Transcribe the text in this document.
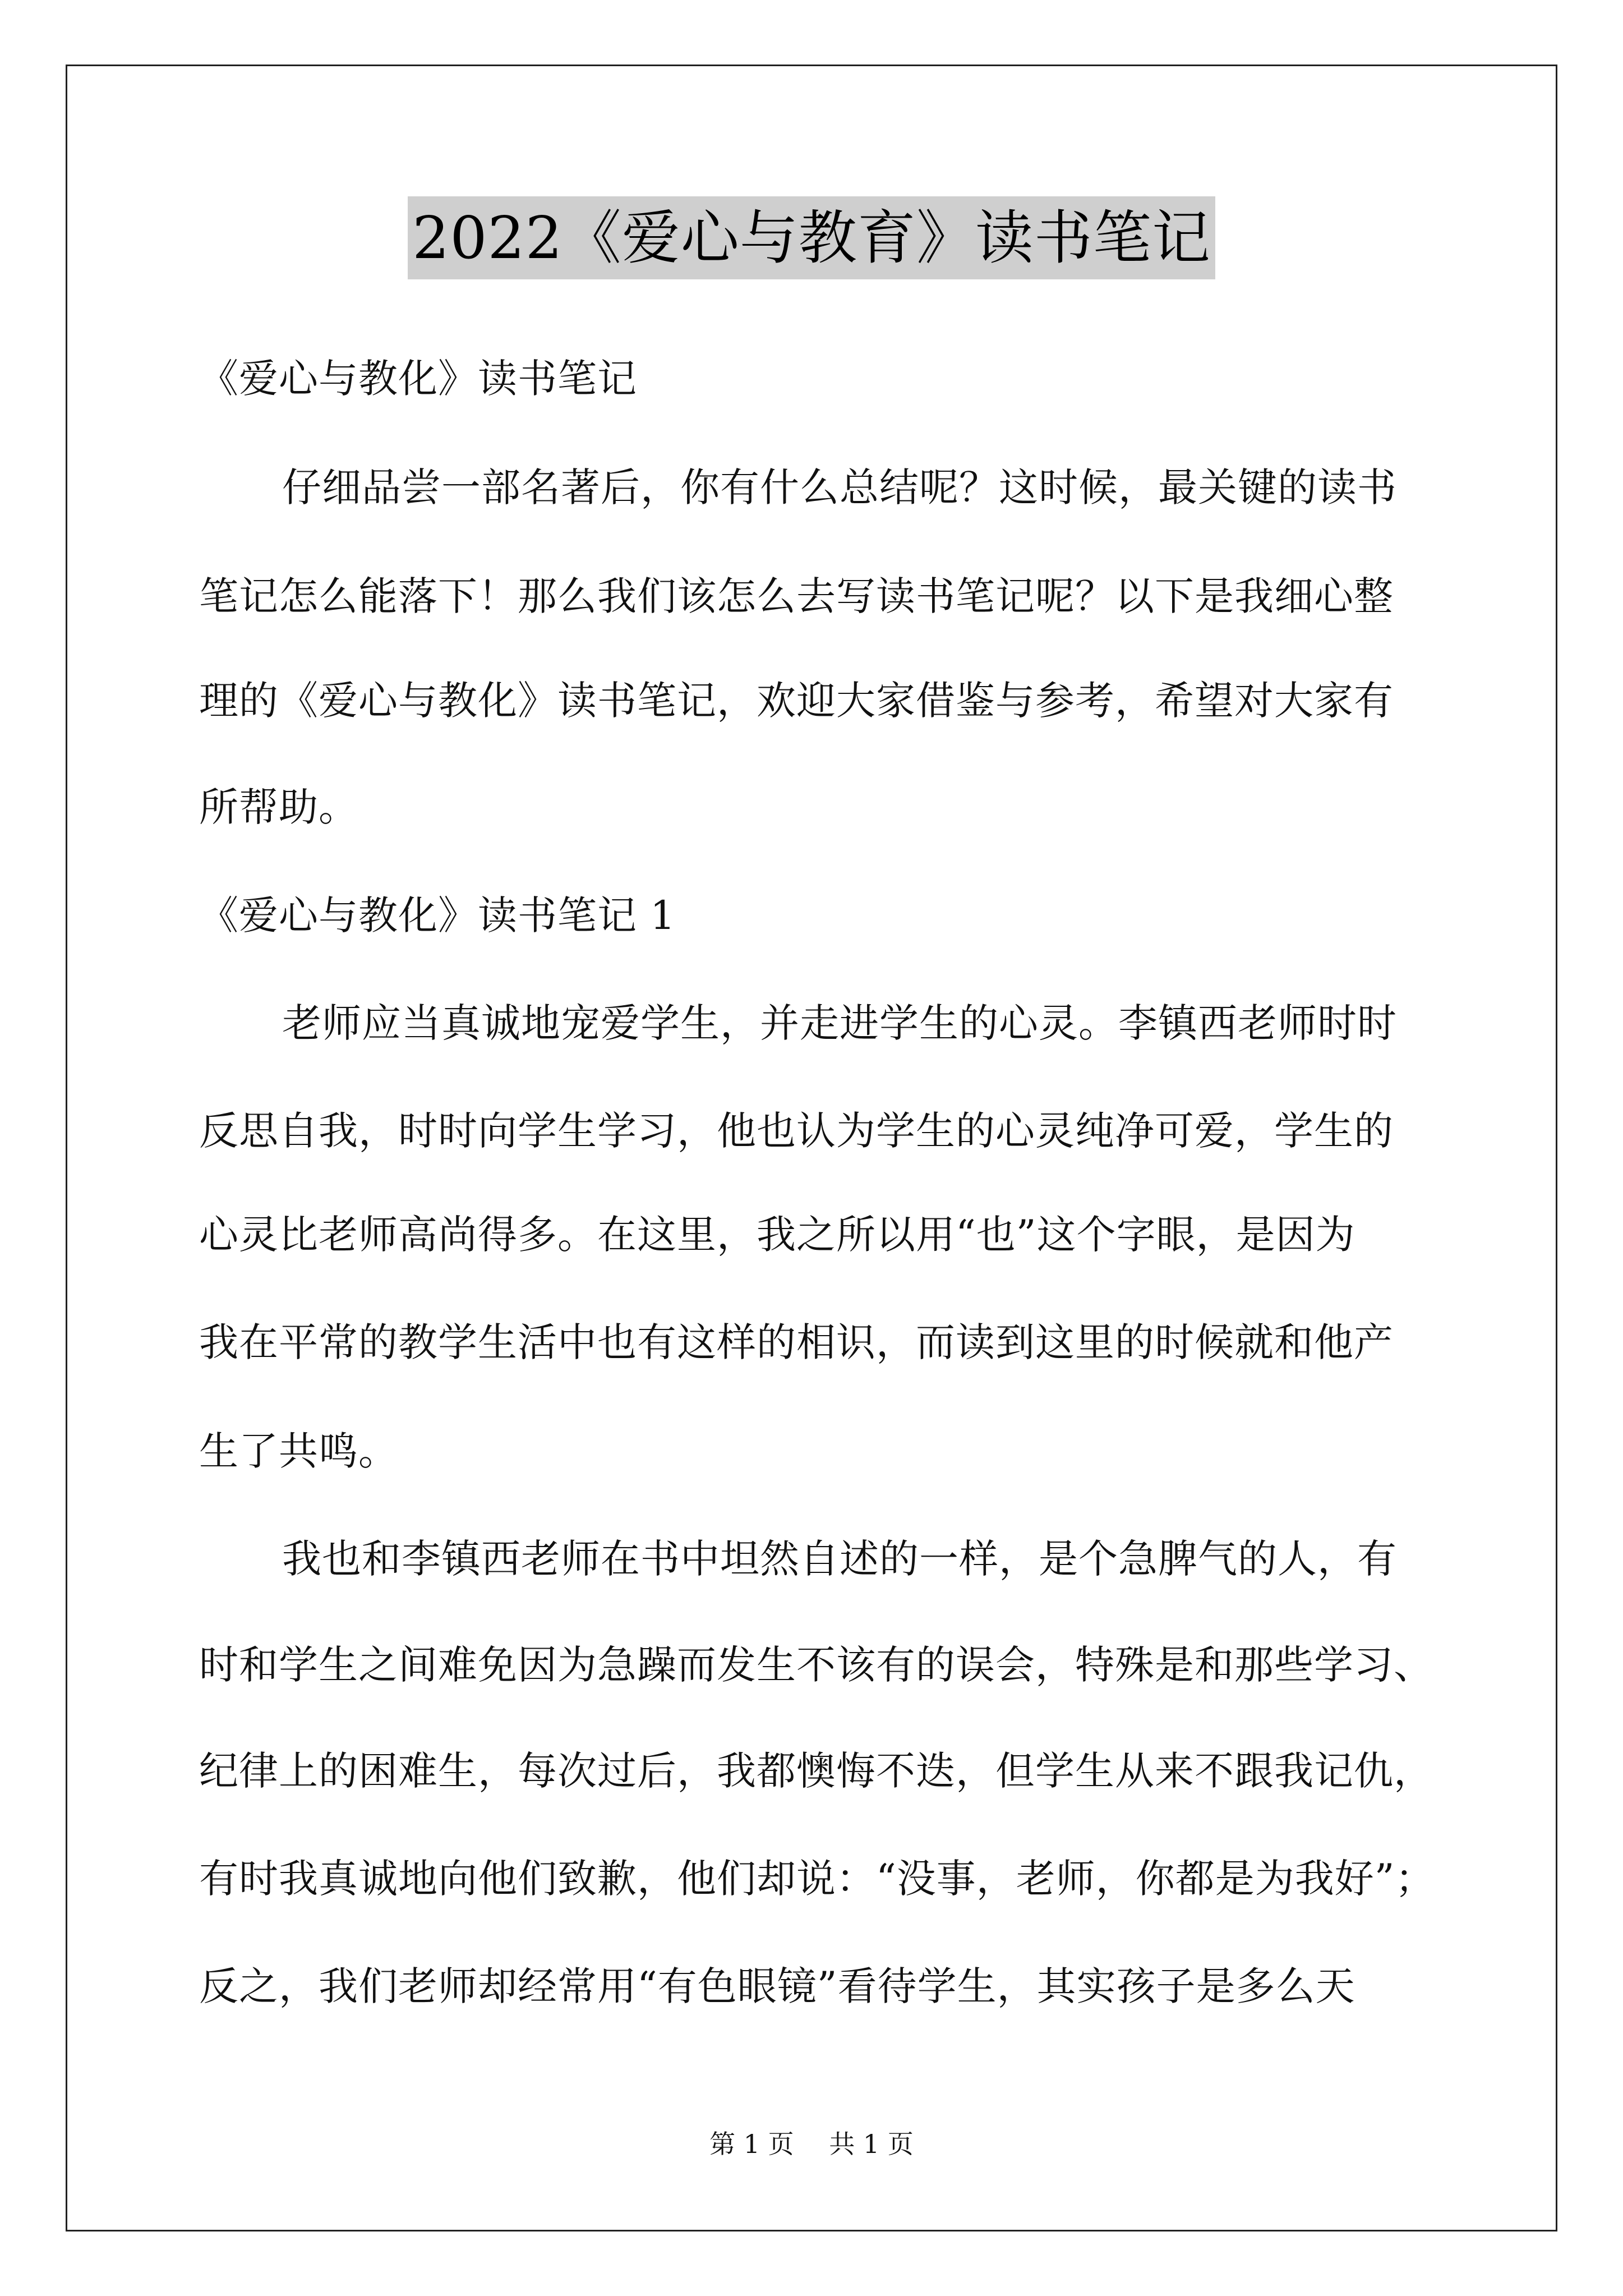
2022《爱心与教育》读书笔记
《爱心与教化》读书笔记
仔细品尝一部名著后，你有什么总结呢？这时候，最关键的读书
笔记怎么能落下！那么我们该怎么去写读书笔记呢？以下是我细心整
理的《爱心与教化》读书笔记，欢迎大家借鉴与参考，希望对大家有
所帮助。
《爱心与教化》读书笔记 1
老师应当真诚地宠爱学生，并走进学生的心灵。李镇西老师时时
反思自我，时时向学生学习，他也认为学生的心灵纯净可爱，学生的
心灵比老师高尚得多。在这里，我之所以用“也”这个字眼，是因为
我在平常的教学生活中也有这样的相识，而读到这里的时候就和他产
生了共鸣。
我也和李镇西老师在书中坦然自述的一样，是个急脾气的人，有
时和学生之间难免因为急躁而发生不该有的误会，特殊是和那些学习、
纪律上的困难生，每次过后，我都懊悔不迭，但学生从来不跟我记仇，
有时我真诚地向他们致歉，他们却说：“没事，老师，你都是为我好”；
反之，我们老师却经常用“有色眼镜”看待学生，其实孩子是多么天
第 1 页 共 1 页
